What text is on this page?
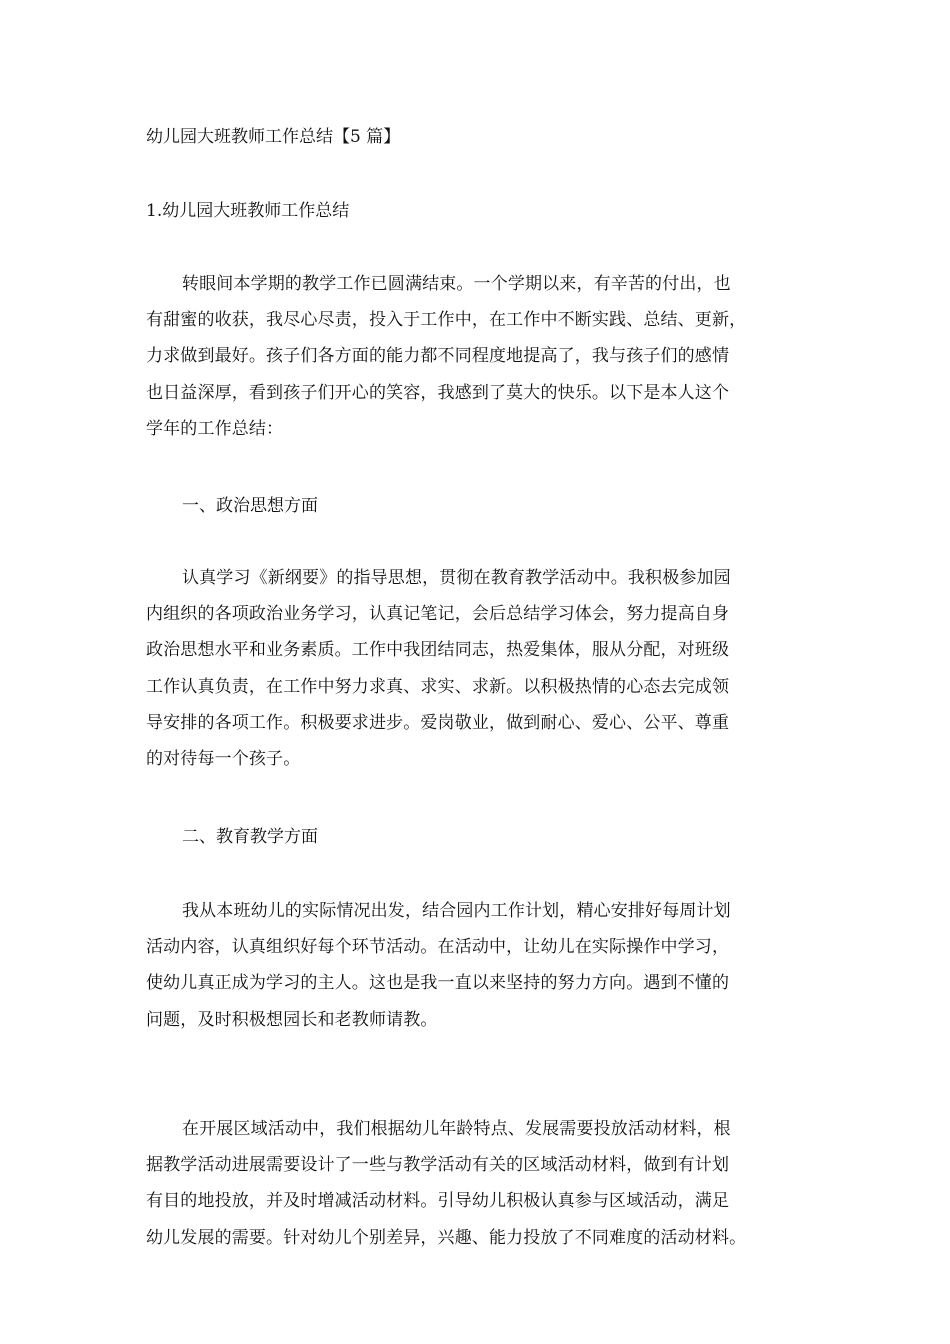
幼儿园大班教师工作总结【5 篇】
1.幼儿园大班教师工作总结
转眼间本学期的教学工作已圆满结束。一个学期以来，有辛苦的付出，也
有甜蜜的收获，我尽心尽责，投入于工作中，在工作中不断实践、总结、更新，
力求做到最好。孩子们各方面的能力都不同程度地提高了，我与孩子们的感情
也日益深厚，看到孩子们开心的笑容，我感到了莫大的快乐。以下是本人这个
学年的工作总结：
一、政治思想方面
认真学习《新纲要》的指导思想，贯彻在教育教学活动中。我积极参加园
内组织的各项政治业务学习，认真记笔记，会后总结学习体会，努力提高自身
政治思想水平和业务素质。工作中我团结同志，热爱集体，服从分配，对班级
工作认真负责，在工作中努力求真、求实、求新。以积极热情的心态去完成领
导安排的各项工作。积极要求进步。爱岗敬业，做到耐心、爱心、公平、尊重
的对待每一个孩子。
二、教育教学方面
我从本班幼儿的实际情况出发，结合园内工作计划，精心安排好每周计划
活动内容，认真组织好每个环节活动。在活动中，让幼儿在实际操作中学习，
使幼儿真正成为学习的主人。这也是我一直以来坚持的努力方向。遇到不懂的
问题，及时积极想园长和老教师请教。
在开展区域活动中，我们根据幼儿年龄特点、发展需要投放活动材料，根
据教学活动进展需要设计了一些与教学活动有关的区域活动材料，做到有计划
有目的地投放，并及时增减活动材料。引导幼儿积极认真参与区域活动，满足
幼儿发展的需要。针对幼儿个别差异，兴趣、能力投放了不同难度的活动材料。
